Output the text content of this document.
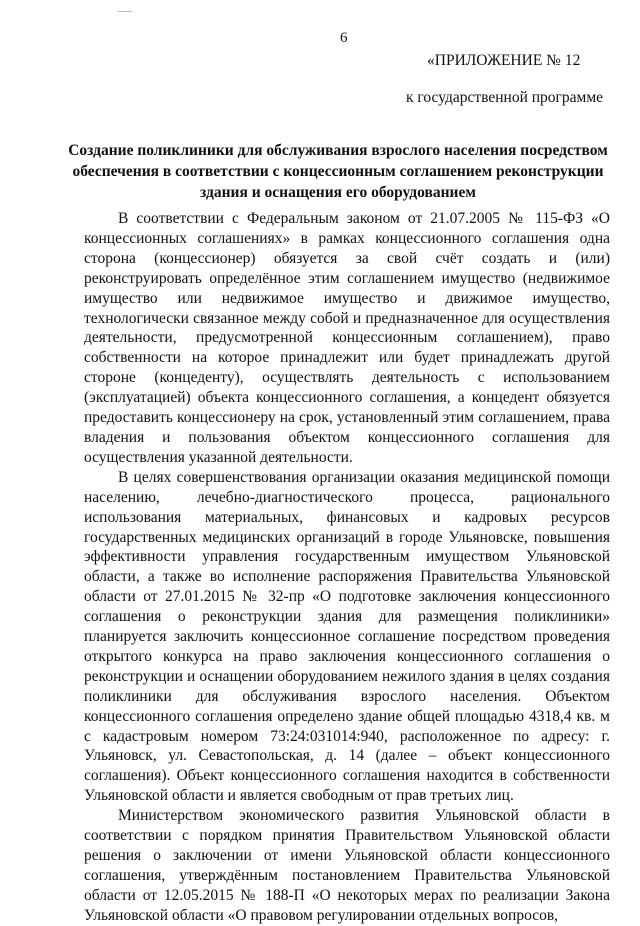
6
«ПРИЛОЖЕНИЕ № 12
к государственной программе
Создание поликлиники для обслуживания взрослого населения посредством обеспечения в соответствии с концессионным соглашением реконструкции здания и оснащения его оборудованием

В соответствии с Федеральным законом от 21.07.2005 № 115-ФЗ «О концессионных соглашениях» в рамках концессионного соглашения одна сторона (концессионер) обязуется за свой счёт создать и (или) реконструировать определённое этим соглашением имущество (недвижимое имущество или недвижимое имущество и движимое имущество, технологически связанное между собой и предназначенное для осуществления деятельности, предусмотренной концессионным соглашением), право собственности на которое принадлежит или будет принадлежать другой стороне (концеденту), осуществлять деятельность с использованием (эксплуатацией) объекта концессионного соглашения, а концедент обязуется предоставить концессионеру на срок, установленный этим соглашением, права владения и пользования объектом концессионного соглашения для осуществления указанной деятельности.

В целях совершенствования организации оказания медицинской помощи населению, лечебно-диагностического процесса, рационального использования материальных, финансовых и кадровых ресурсов государственных медицинских организаций в городе Ульяновске, повышения эффективности управления государственным имуществом Ульяновской области, а также во исполнение распоряжения Правительства Ульяновской области от 27.01.2015 № 32-пр «О подготовке заключения концессионного соглашения о реконструкции здания для размещения поликлиники» планируется заключить концессионное соглашение посредством проведения открытого конкурса на право заключения концессионного соглашения о реконструкции и оснащении оборудованием нежилого здания в целях создания поликлиники для обслуживания взрослого населения. Объектом концессионного соглашения определено здание общей площадью 4318,4 кв. м с кадастровым номером 73:24:031014:940, расположенное по адресу: г. Ульяновск, ул. Севастопольская, д. 14 (далее – объект концессионного соглашения). Объект концессионного соглашения находится в собственности Ульяновской области и является свободным от прав третьих лиц.

Министерством экономического развития Ульяновской области в соответствии с порядком принятия Правительством Ульяновской области решения о заключении от имени Ульяновской области концессионного соглашения, утверждённым постановлением Правительства Ульяновской области от 12.05.2015 № 188-П «О некоторых мерах по реализации Закона Ульяновской области «О правовом регулировании отдельных вопросов,
